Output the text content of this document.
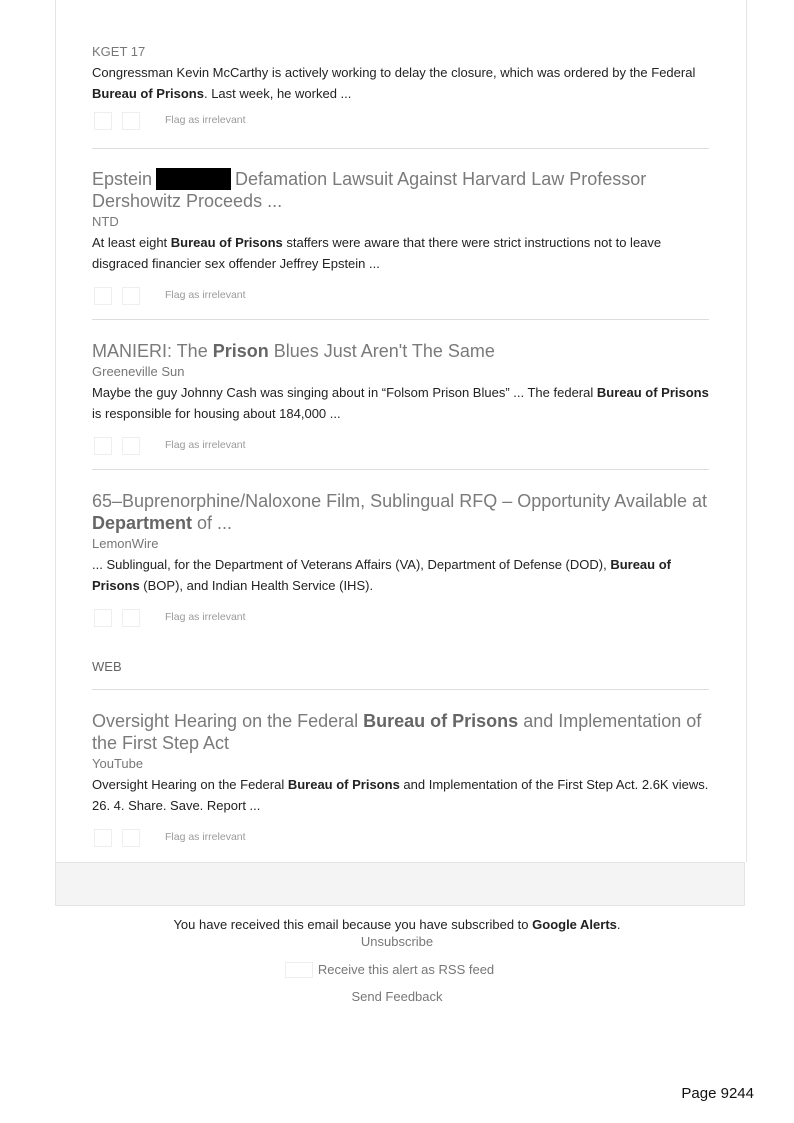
KGET 17
Congressman Kevin McCarthy is actively working to delay the closure, which was ordered by the Federal Bureau of Prisons. Last week, he worked ...
Flag as irrelevant

Epstein	Defamation Lawsuit Against Harvard Law Professor Dershowitz Proceeds ...

NTD
At least eight Bureau of Prisons staffers were aware that there were strict instructions not to leave disgraced financier sex offender Jeffrey Epstein ...
Flag as irrelevant

MANIERI: The Prison Blues Just Aren't The Same

Greeneville Sun
Maybe the guy Johnny Cash was singing about in “Folsom Prison Blues” ... The federal Bureau of Prisons is responsible for housing about 184,000 ...
Flag as irrelevant

65–Buprenorphine/Naloxone Film, Sublingual RFQ – Opportunity Available at Department of ...

LemonWire
... Sublingual, for the Department of Veterans Affairs (VA), Department of Defense (DOD), Bureau of Prisons (BOP), and Indian Health Service (IHS).
Flag as irrelevant
WEB

Oversight Hearing on the Federal Bureau of Prisons and Implementation of the First Step Act

YouTube
Oversight Hearing on the Federal Bureau of Prisons and Implementation of the First Step Act. 2.6K views. 26. 4. Share. Save. Report ...
Flag as irrelevant
You have received this email because you have subscribed to Google Alerts.
Unsubscribe
Receive this alert as RSS feed
Send Feedback
Page 9244
